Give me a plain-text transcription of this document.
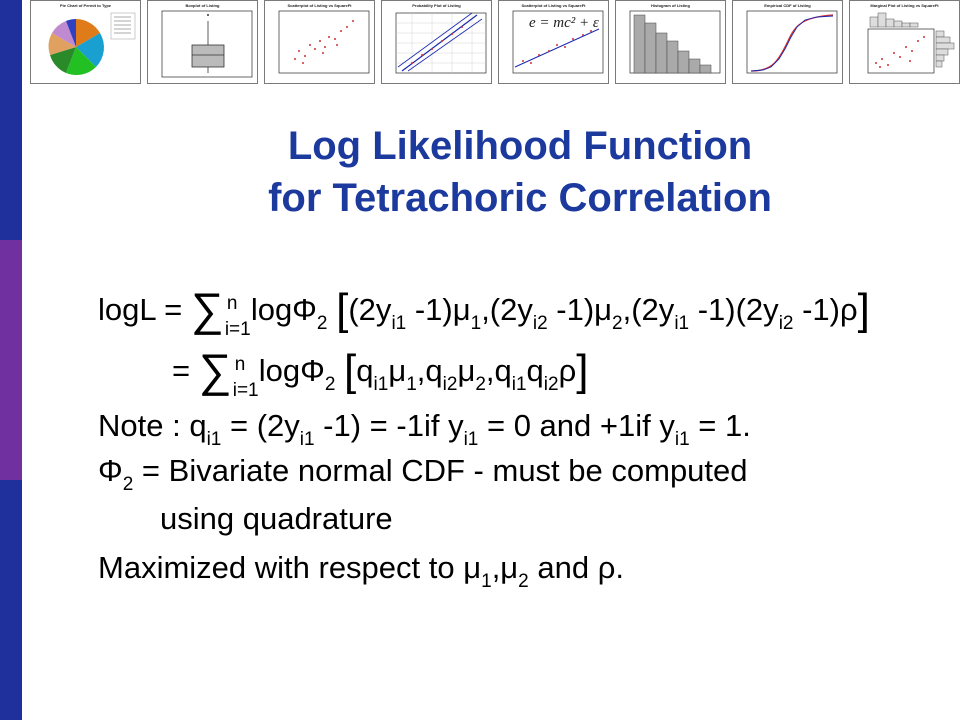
Pie Chart of Permit to Type	Boxplot of Listing	Scatterplot of Listing vs SquareFt	Probability Plot of Listing	Scatterplot of Listing vs SquareFt
e = mc² + ε
Histogram of Listing	Empirical CDF of Listing	Marginal Plot of Listing vs SquareFt
Log Likelihood Function
for Tetrachoric Correlation
logL = ∑ n
i=1
logΦ$_2$ [($2y_{i1}$ $-1)\mu_1,(2y_{i2}$ $-1)\mu_2,(2y_{i1}$ $-1)(2y_{i2}$ -1)ρ]
= ∑ n
i=1
logΦ$_2$ $[q_{i1}\mu_1,q_{i2}\mu_2,q_{i1}q_{i2}\rho]$
Note : $q_{i1} = (2y_{i1}$ -1) = -1if $y_{i1} = 0$ and +1if $y_{i1} = 1$.
$\Phi_2$ = Bivariate normal CDF - must be computed
using quadrature
Maximized with respect to $\mu_1,\mu_2$ and ρ.
